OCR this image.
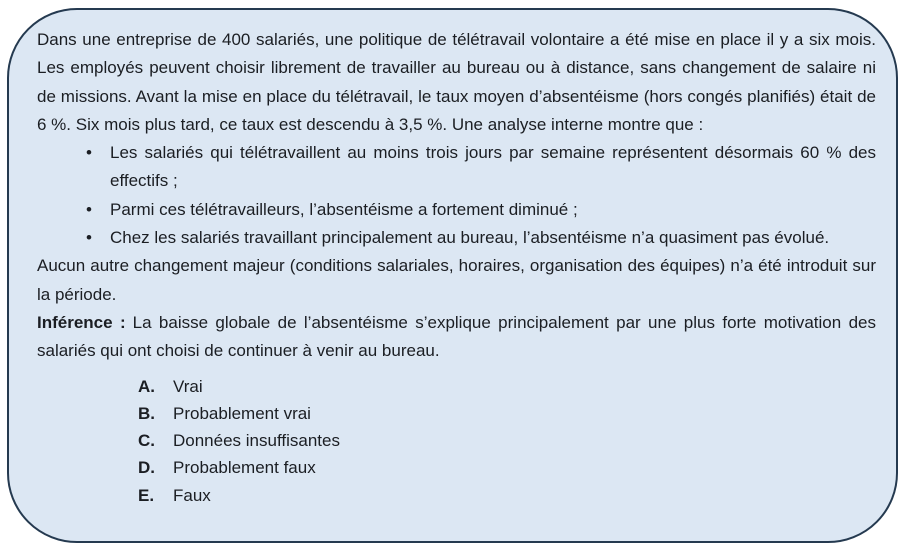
Dans une entreprise de 400 salariés, une politique de télétravail volontaire a été mise en place il y a six mois. Les employés peuvent choisir librement de travailler au bureau ou à distance, sans changement de salaire ni de missions. Avant la mise en place du télétravail, le taux moyen d’absentéisme (hors congés planifiés) était de 6 %. Six mois plus tard, ce taux est descendu à 3,5 %. Une analyse interne montre que :

• Les salariés qui télétravaillent au moins trois jours par semaine représentent désormais 60 % des effectifs ;
• Parmi ces télétravailleurs, l’absentéisme a fortement diminué ;
• Chez les salariés travaillant principalement au bureau, l’absentéisme n’a quasiment pas évolué.

Aucun autre changement majeur (conditions salariales, horaires, organisation des équipes) n’a été introduit sur la période.

Inférence : La baisse globale de l’absentéisme s’explique principalement par une plus forte motivation des salariés qui ont choisi de continuer à venir au bureau.

A.	Vrai
B.	Probablement vrai
C.	Données insuffisantes
D.	Probablement faux
E.	Faux
